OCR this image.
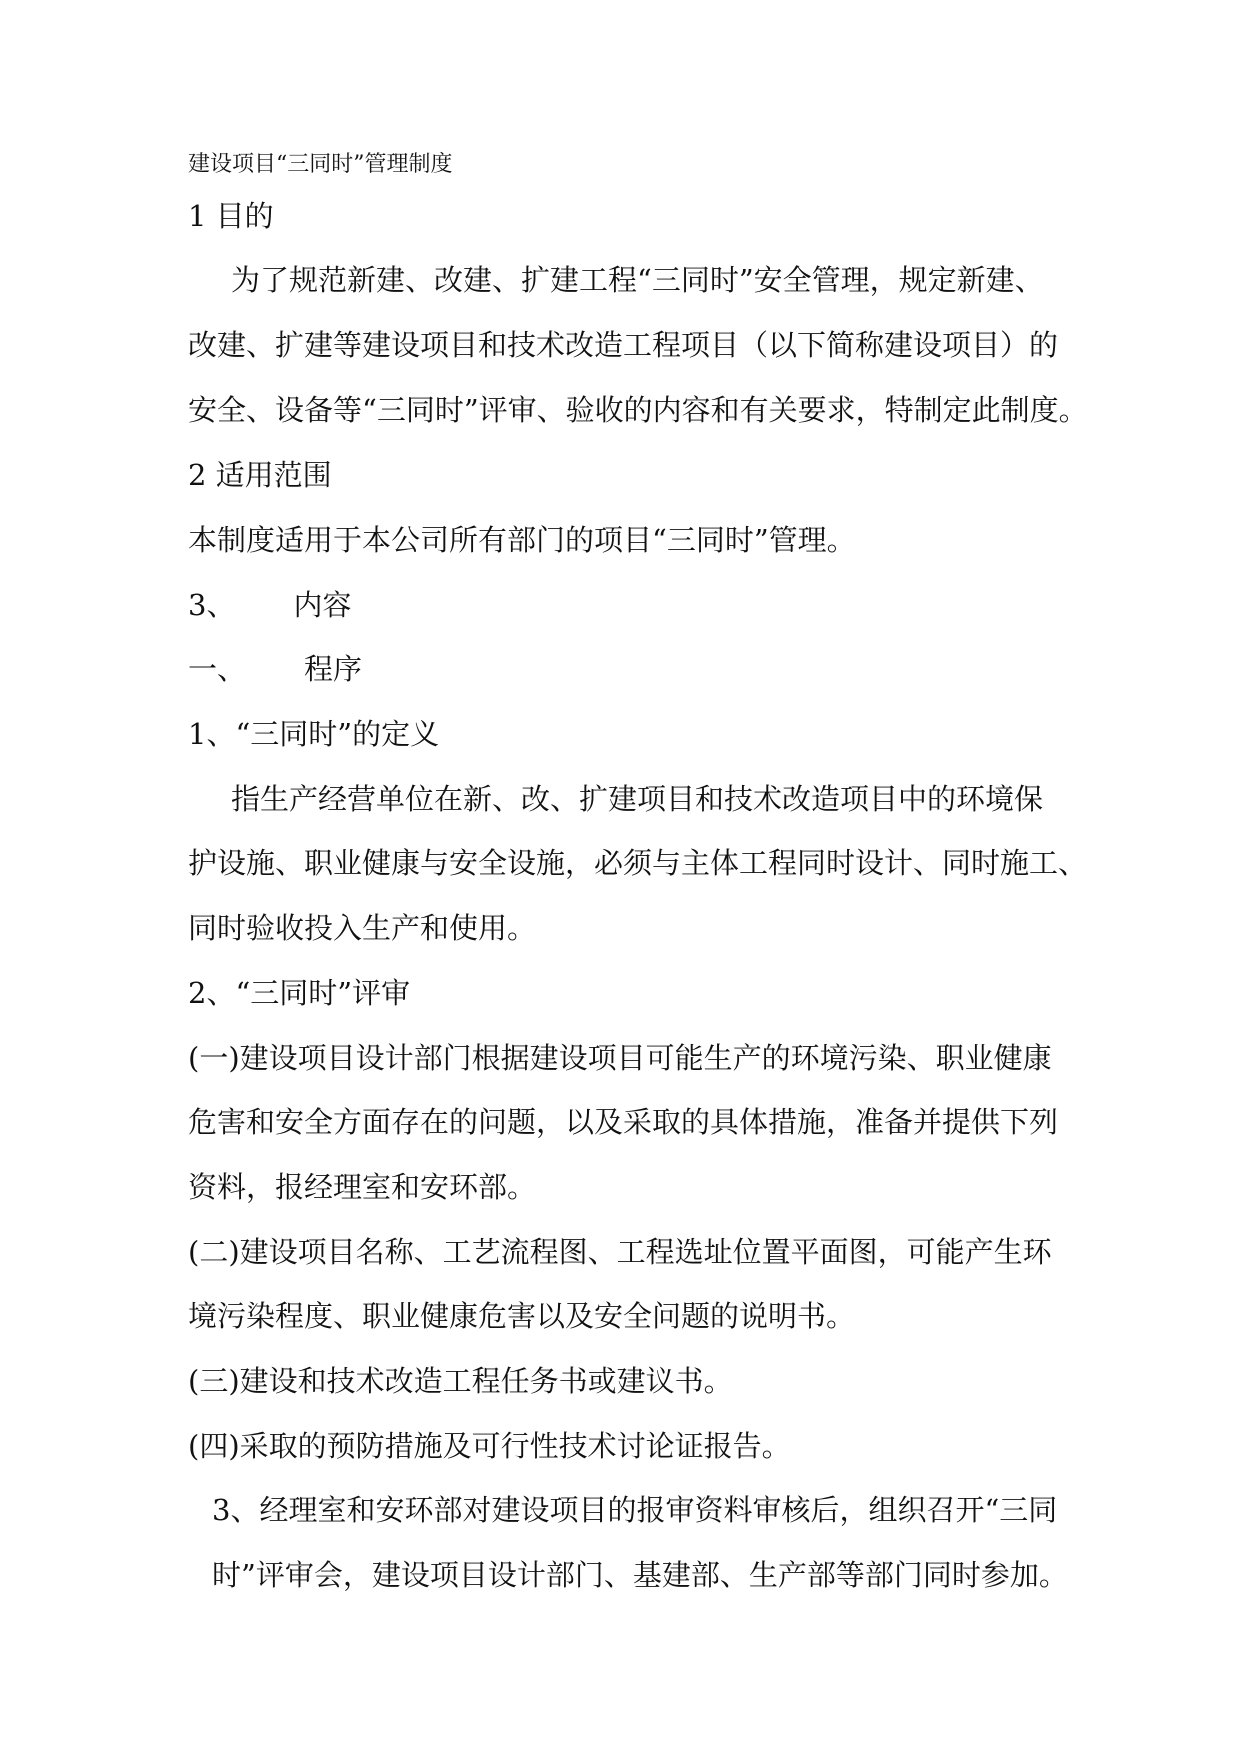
建设项目“三同时”管理制度
1 目的
为了规范新建、改建、扩建工程“三同时”安全管理，规定新建、
改建、扩建等建设项目和技术改造工程项目（以下简称建设项目）的
安全、设备等“三同时”评审、验收的内容和有关要求，特制定此制度。
2 适用范围
本制度适用于本公司所有部门的项目“三同时”管理。
3、 内容
一、 程序
1、“三同时”的定义
指生产经营单位在新、改、扩建项目和技术改造项目中的环境保
护设施、职业健康与安全设施，必须与主体工程同时设计、同时施工、
同时验收投入生产和使用。
2、“三同时”评审
(一)建设项目设计部门根据建设项目可能生产的环境污染、职业健康
危害和安全方面存在的问题，以及采取的具体措施，准备并提供下列
资料，报经理室和安环部。
(二)建设项目名称、工艺流程图、工程选址位置平面图，可能产生环
境污染程度、职业健康危害以及安全问题的说明书。
(三)建设和技术改造工程任务书或建议书。
(四)采取的预防措施及可行性技术讨论证报告。
3、经理室和安环部对建设项目的报审资料审核后，组织召开“三同
时”评审会，建设项目设计部门、基建部、生产部等部门同时参加。
